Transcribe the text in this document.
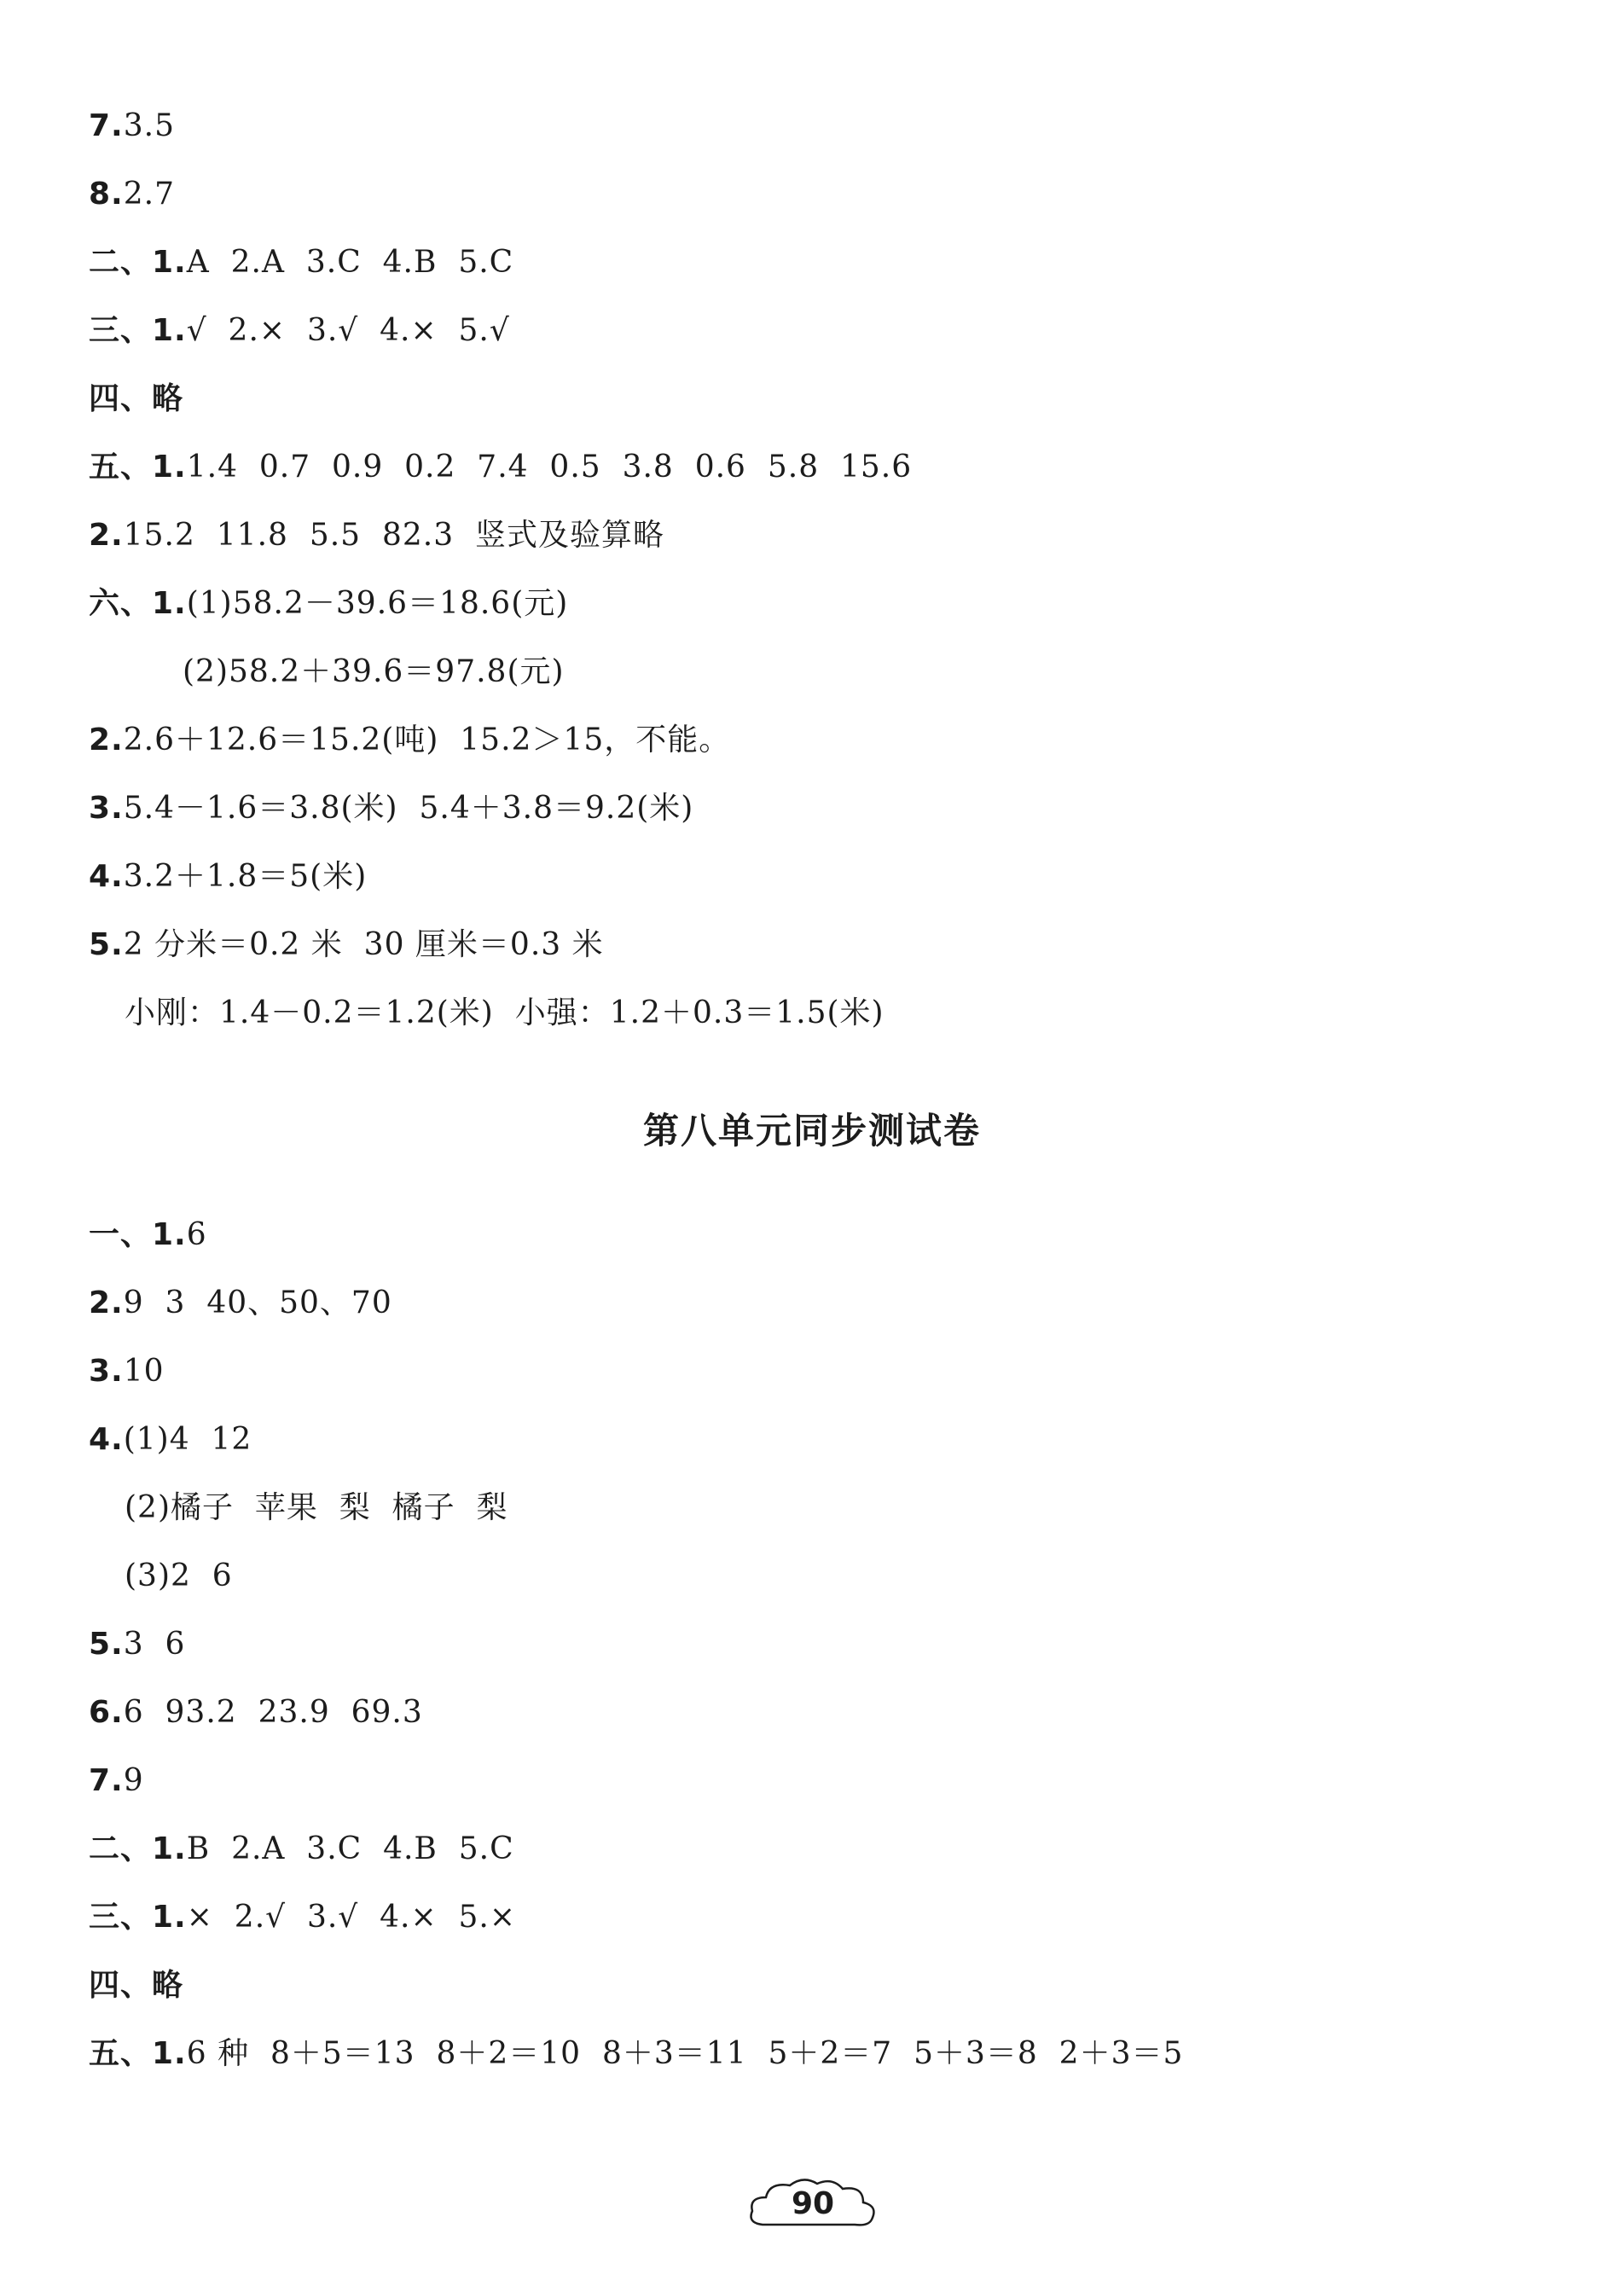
7.3.5
8.2.7
二、1.A  2.A  3.C  4.B  5.C
三、1.√  2.×  3.√  4.×  5.√
四、略
五、1.1.4  0.7  0.9  0.2  7.4  0.5  3.8  0.6  5.8  15.6
2.15.2  11.8  5.5  82.3  竖式及验算略
六、1.(1)58.2－39.6＝18.6(元)
(2)58.2＋39.6＝97.8(元)
2.2.6＋12.6＝15.2(吨)  15.2＞15，不能。
3.5.4－1.6＝3.8(米)  5.4＋3.8＝9.2(米)
4.3.2＋1.8＝5(米)
5.2 分米＝0.2 米  30 厘米＝0.3 米
小刚：1.4－0.2＝1.2(米)  小强：1.2＋0.3＝1.5(米)
第八单元同步测试卷
一、1.6
2.9  3  40、50、70
3.10
4.(1)4  12
(2)橘子  苹果  梨  橘子  梨
(3)2  6
5.3  6
6.6  93.2  23.9  69.3
7.9
二、1.B  2.A  3.C  4.B  5.C
三、1.×  2.√  3.√  4.×  5.×
四、略
五、1.6 种  8＋5＝13  8＋2＝10  8＋3＝11  5＋2＝7  5＋3＝8  2＋3＝5
90
